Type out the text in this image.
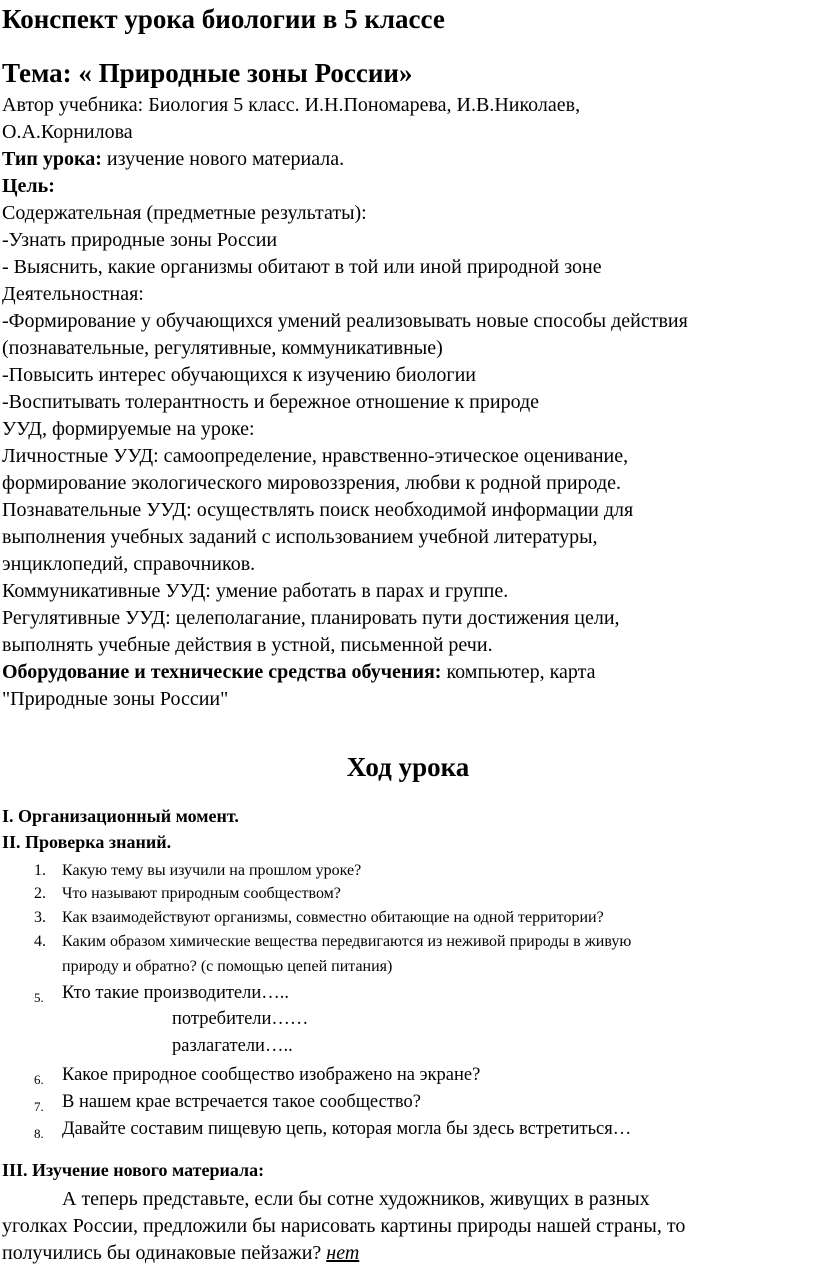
Конспект урока биологии в 5 классе
Тема: « Природные зоны России»

Автор учебника: Биология 5 класс. И.Н.Пономарева, И.В.Николаев,

О.А.Корнилова

Тип урока: изучение нового материала.

Цель:

Содержательная (предметные результаты):

-Узнать природные зоны России

- Выяснить, какие организмы обитают в той или иной природной зоне

Деятельностная:

-Формирование у обучающихся умений реализовывать новые способы действия

(познавательные, регулятивные, коммуникативные)

-Повысить интерес обучающихся к изучению биологии

-Воспитывать толерантность и бережное отношение к природе

УУД, формируемые на уроке:

Личностные УУД: самоопределение, нравственно-этическое оценивание,

формирование экологического мировоззрения, любви к родной природе.

Познавательные УУД: осуществлять поиск необходимой информации для

выполнения учебных заданий с использованием учебной литературы,

энциклопедий, справочников.

Коммуникативные УУД: умение работать в парах и группе.

Регулятивные УУД: целеполагание, планировать пути достижения цели,

выполнять учебные действия в устной, письменной речи.

Оборудование и технические средства обучения: компьютер, карта

"Природные зоны России"

Ход урока
I. Организационный момент.
II. Проверка знаний.
1.	Какую тему вы изучили на прошлом уроке?
2.	Что называют природным сообществом?
3.	Как взаимодействуют организмы, совместно обитающие на одной территории?
4.	Каким образом химические вещества передвигаются из неживой природы в живую
природу и обратно? (с помощью цепей питания)
5. Кто такие производители…..
потребители……
разлагатели…..
6. Какое природное сообщество изображено на экране?
7. В нашем крае встречается такое сообщество?
8. Давайте составим пищевую цепь, которая могла бы здесь встретиться…
III. Изучение нового материала:
А теперь представьте, если бы сотне художников, живущих в разных
уголках России, предложили бы нарисовать картины природы нашей страны, то
получились бы одинаковые пейзажи? нет
